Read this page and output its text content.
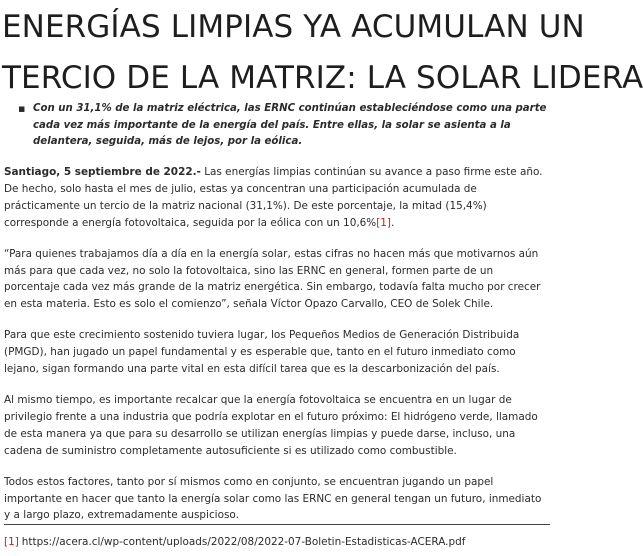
ENERGÍAS LIMPIAS YA ACUMULAN UN
TERCIO DE LA MATRIZ: LA SOLAR LIDERA
▪ Con un 31,1% de la matriz eléctrica, las ERNC continúan estableciéndose como una parte cada vez más importante de la energía del país. Entre ellas, la solar se asienta a la delantera, seguida, más de lejos, por la eólica.

Santiago, 5 septiembre de 2022.- Las energías limpias continúan su avance a paso firme este año. De hecho, solo hasta el mes de julio, estas ya concentran una participación acumulada de prácticamente un tercio de la matriz nacional (31,1%). De este porcentaje, la mitad (15,4%) corresponde a energía fotovoltaica, seguida por la eólica con un 10,6%[1].

“Para quienes trabajamos día a día en la energía solar, estas cifras no hacen más que motivarnos aún más para que cada vez, no solo la fotovoltaica, sino las ERNC en general, formen parte de un porcentaje cada vez más grande de la matriz energética. Sin embargo, todavía falta mucho por crecer en esta materia. Esto es solo el comienzo”, señala Víctor Opazo Carvallo, CEO de Solek Chile.

Para que este crecimiento sostenido tuviera lugar, los Pequeños Medios de Generación Distribuida (PMGD), han jugado un papel fundamental y es esperable que, tanto en el futuro inmediato como lejano, sigan formando una parte vital en esta difícil tarea que es la descarbonización del país.

Al mismo tiempo, es importante recalcar que la energía fotovoltaica se encuentra en un lugar de privilegio frente a una industria que podría explotar en el futuro próximo: El hidrógeno verde, llamado de esta manera ya que para su desarrollo se utilizan energías limpias y puede darse, incluso, una cadena de suministro completamente autosuficiente si es utilizado como combustible.

Todos estos factores, tanto por sí mismos como en conjunto, se encuentran jugando un papel importante en hacer que tanto la energía solar como las ERNC en general tengan un futuro, inmediato y a largo plazo, extremadamente auspicioso.

[1] https://acera.cl/wp-content/uploads/2022/08/2022-07-Boletin-Estadisticas-ACERA.pdf
